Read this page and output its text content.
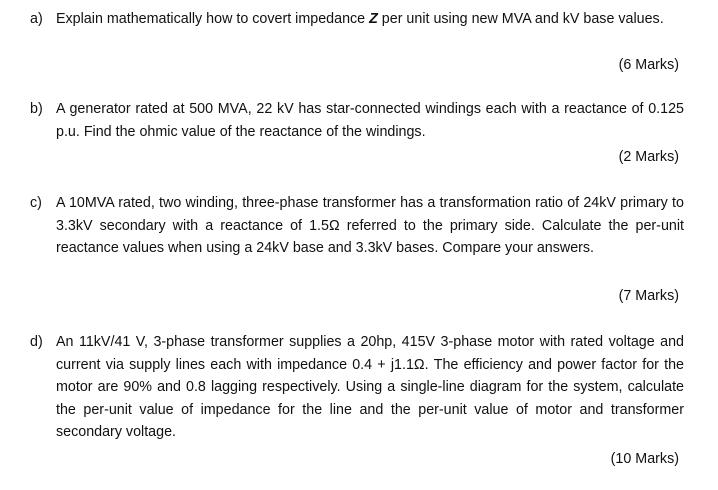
a) Explain mathematically how to covert impedance Z per unit using new MVA and kV base values.
(6 Marks)
b) A generator rated at 500 MVA, 22 kV has star-connected windings each with a reactance of 0.125 p.u. Find the ohmic value of the reactance of the windings.
(2 Marks)
c) A 10MVA rated, two winding, three-phase transformer has a transformation ratio of 24kV primary to 3.3kV secondary with a reactance of 1.5Ω referred to the primary side. Calculate the per-unit reactance values when using a 24kV base and 3.3kV bases. Compare your answers.
(7 Marks)
d) An 11kV/41 V, 3-phase transformer supplies a 20hp, 415V 3-phase motor with rated voltage and current via supply lines each with impedance 0.4 + j1.1Ω. The efficiency and power factor for the motor are 90% and 0.8 lagging respectively. Using a single-line diagram for the system, calculate the per-unit value of impedance for the line and the per-unit value of motor and transformer secondary voltage.
(10 Marks)
